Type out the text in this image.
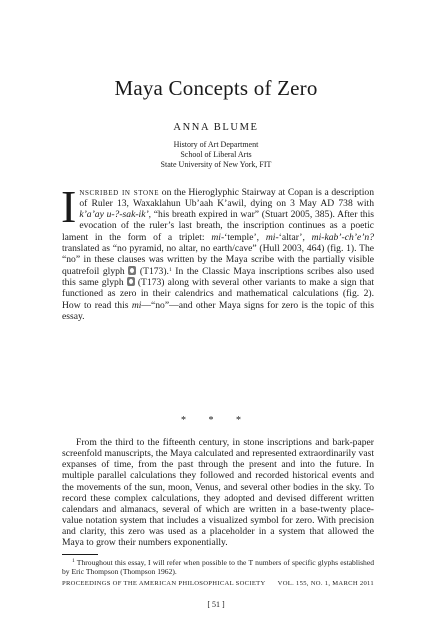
Maya Concepts of Zero
ANNA BLUME
History of Art Department
School of Liberal Arts
State University of New York, FIT
Inscribed in stone on the Hieroglyphic Stairway at Copan is a description of Ruler 13, Waxaklahun Ub’aah K’awil, dying on 3 May AD 738 with k’a’ay u-?-sak-ik’, “his breath expired in war” (Stuart 2005, 385). After this evocation of the ruler’s last breath, the inscription continues as a poetic lament in the form of a triplet: mi-‘temple’, mi-‘altar’, mi-kab’-ch’e’n? translated as “no pyramid, no altar, no earth/cave” (Hull 2003, 464) (fig. 1). The “no” in these clauses was written by the Maya scribe with the partially visible quatrefoil glyph  (T173).$^1$ In the Classic Maya inscriptions scribes also used this same glyph  (T173) along with several other variants to make a sign that functioned as zero in their calendrics and mathematical calculations (fig. 2). How to read this mi—“no”—and other Maya signs for zero is the topic of this essay.
* * *
From the third to the fifteenth century, in stone inscriptions and bark-paper screenfold manuscripts, the Maya calculated and represented extraordinarily vast expanses of time, from the past through the present and into the future. In multiple parallel calculations they followed and recorded historical events and the movements of the sun, moon, Venus, and several other bodies in the sky. To record these complex calculations, they adopted and devised different written calendars and almanacs, several of which are written in a base-twenty place-value notation system that includes a visualized symbol for zero. With precision and clarity, this zero was used as a placeholder in a system that allowed the Maya to grow their numbers exponentially.
$^1$ Throughout this essay, I will refer when possible to the T numbers of specific glyphs established by Eric Thompson (Thompson 1962).
PROCEEDINGS OF THE AMERICAN PHILOSOPHICAL SOCIETY VOL. 155, NO. 1, MARCH 2011
[ 51 ]
